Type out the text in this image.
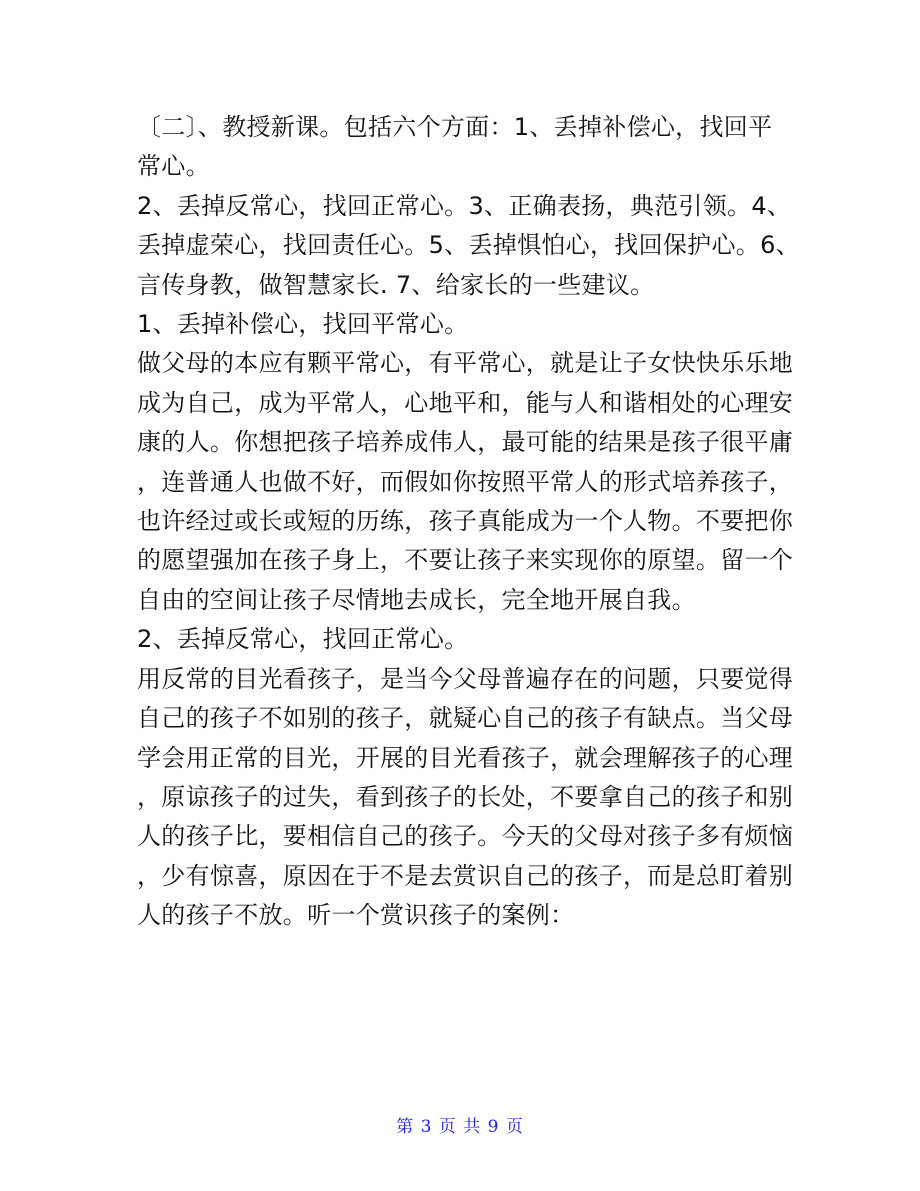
〔二〕、教授新课。包括六个方面：1、丢掉补偿心，找回平
常心。
2、丢掉反常心，找回正常心。3、正确表扬，典范引领。4、
丢掉虚荣心，找回责任心。5、丢掉惧怕心，找回保护心。6、
言传身教，做智慧家长. 7、给家长的一些建议。
1、丢掉补偿心，找回平常心。
做父母的本应有颗平常心，有平常心，就是让子女快快乐乐地
成为自己，成为平常人，心地平和，能与人和谐相处的心理安
康的人。你想把孩子培养成伟人，最可能的结果是孩子很平庸
，连普通人也做不好，而假如你按照平常人的形式培养孩子，
也许经过或长或短的历练，孩子真能成为一个人物。不要把你
的愿望强加在孩子身上，不要让孩子来实现你的原望。留一个
自由的空间让孩子尽情地去成长，完全地开展自我。
2、丢掉反常心，找回正常心。
用反常的目光看孩子，是当今父母普遍存在的问题，只要觉得
自己的孩子不如别的孩子，就疑心自己的孩子有缺点。当父母
学会用正常的目光，开展的目光看孩子，就会理解孩子的心理
，原谅孩子的过失，看到孩子的长处，不要拿自己的孩子和别
人的孩子比，要相信自己的孩子。今天的父母对孩子多有烦恼
，少有惊喜，原因在于不是去赏识自己的孩子，而是总盯着别
人的孩子不放。听一个赏识孩子的案例：
第 3 页 共 9 页
